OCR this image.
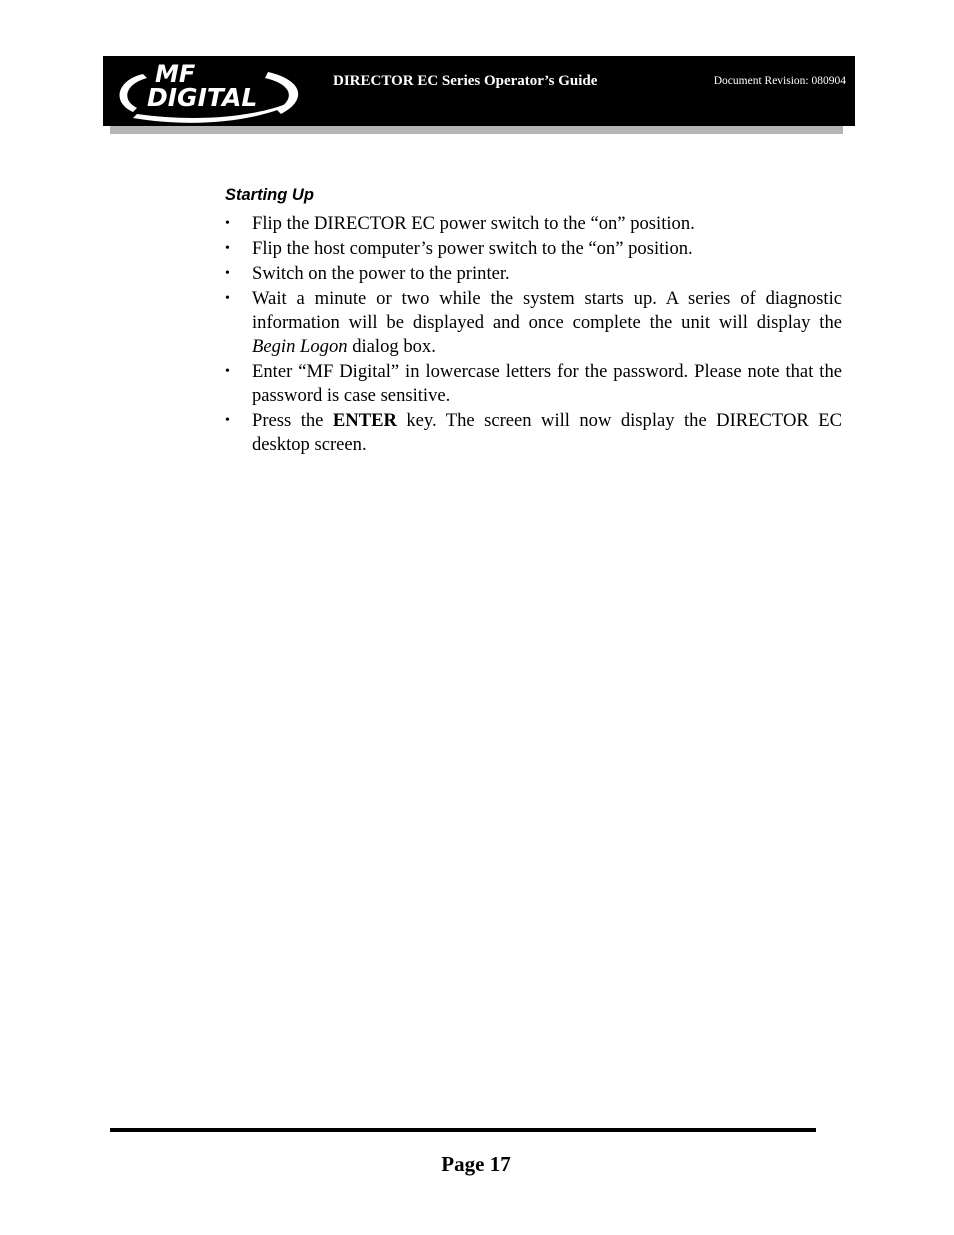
MF
DIGITAL
DIRECTOR EC Series Operator’s Guide	Document Revision: 080904
Starting Up
• Flip the DIRECTOR EC power switch to the “on” position.
• Flip the host computer’s power switch to the “on” position.
• Switch on the power to the printer.
• Wait a minute or two while the system starts up. A series of diagnostic information will be displayed and once complete the unit will display the Begin Logon dialog box.
• Enter “MF Digital” in lowercase letters for the password. Please note that the password is case sensitive.
• Press the ENTER key. The screen will now display the DIRECTOR EC desktop screen.
Page 17
